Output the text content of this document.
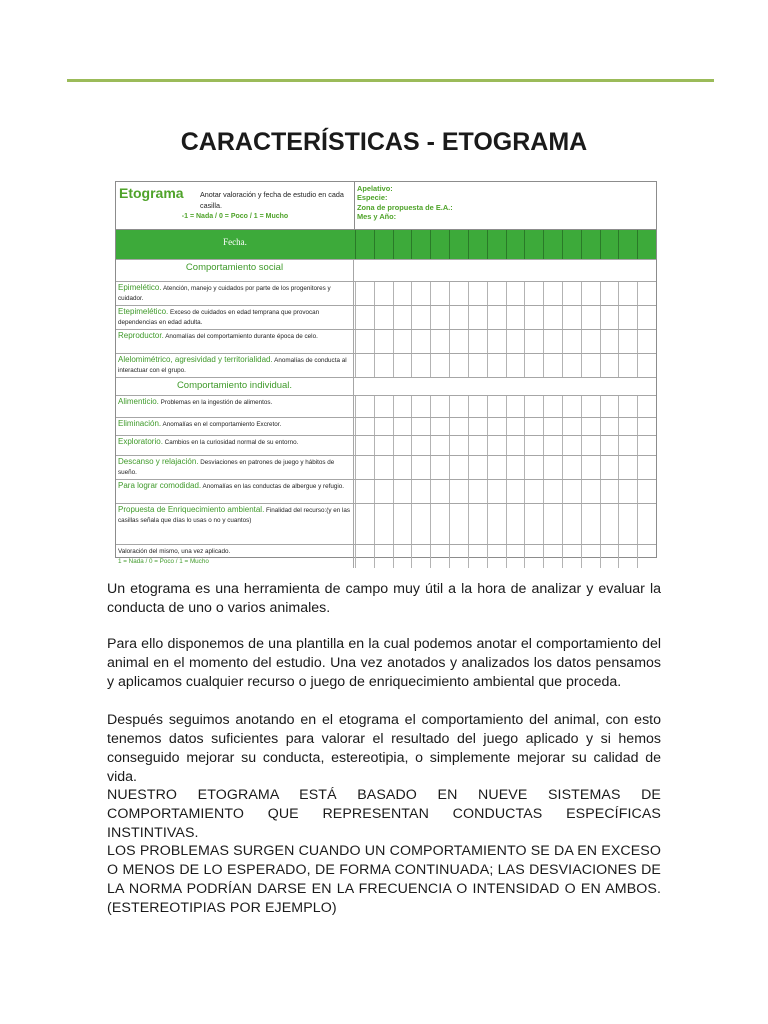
CARACTERÍSTICAS - ETOGRAMA
Etograma Anotar valoración y fecha de estudio en cada casilla.
-1 = Nada / 0 = Poco / 1 = Mucho
Apelativo:
Especie:
Zona de propuesta de E.A.:
Mes y Año:
Fecha.
Comportamiento social
Epimelético. Atención, manejo y cuidados por parte de los progenitores y cuidador.
Etepimelético. Exceso de cuidados en edad temprana que provocan dependencias en edad adulta.
Reproductor. Anomalías del comportamiento durante época de celo.
Alelomimétrico, agresividad y territorialidad. Anomalías de conducta al interactuar con el grupo.
Comportamiento individual.
Alimenticio. Problemas en la ingestión de alimentos.
Eliminación. Anomalías en el comportamiento Excretor.
Exploratorio. Cambios en la curiosidad normal de su entorno.
Descanso y relajación. Desviaciones en patrones de juego y hábitos de sueño.
Para lograr comodidad. Anomalías en las conductas de albergue y refugio.
Propuesta de Enriquecimiento ambiental. Finalidad del recurso:(y en las casillas señala que días lo usas o no y cuantos)
Valoración del mismo, una vez aplicado.
1 = Nada / 0 = Poco / 1 = Mucho
Un etograma es una herramienta de campo muy útil a la hora de analizar y evaluar la conducta de uno o varios animales.
Para ello disponemos de una plantilla en la cual podemos anotar el comportamiento del animal en el momento del estudio. Una vez anotados y analizados los datos pensamos y aplicamos cualquier recurso o juego de enriquecimiento ambiental que proceda.
Después seguimos anotando en el etograma el comportamiento del animal, con esto tenemos datos suficientes para valorar el resultado del juego aplicado y si hemos conseguido mejorar su conducta, estereotipia, o simplemente mejorar su calidad de vida.
NUESTRO ETOGRAMA ESTÁ BASADO EN NUEVE SISTEMAS DE COMPORTAMIENTO QUE REPRESENTAN CONDUCTAS ESPECÍFICAS INSTINTIVAS.
LOS PROBLEMAS SURGEN CUANDO UN COMPORTAMIENTO SE DA EN EXCESO O MENOS DE LO ESPERADO, DE FORMA CONTINUADA; LAS DESVIACIONES DE LA NORMA PODRÍAN DARSE EN LA FRECUENCIA O INTENSIDAD O EN AMBOS. (ESTEREOTIPIAS POR EJEMPLO)
